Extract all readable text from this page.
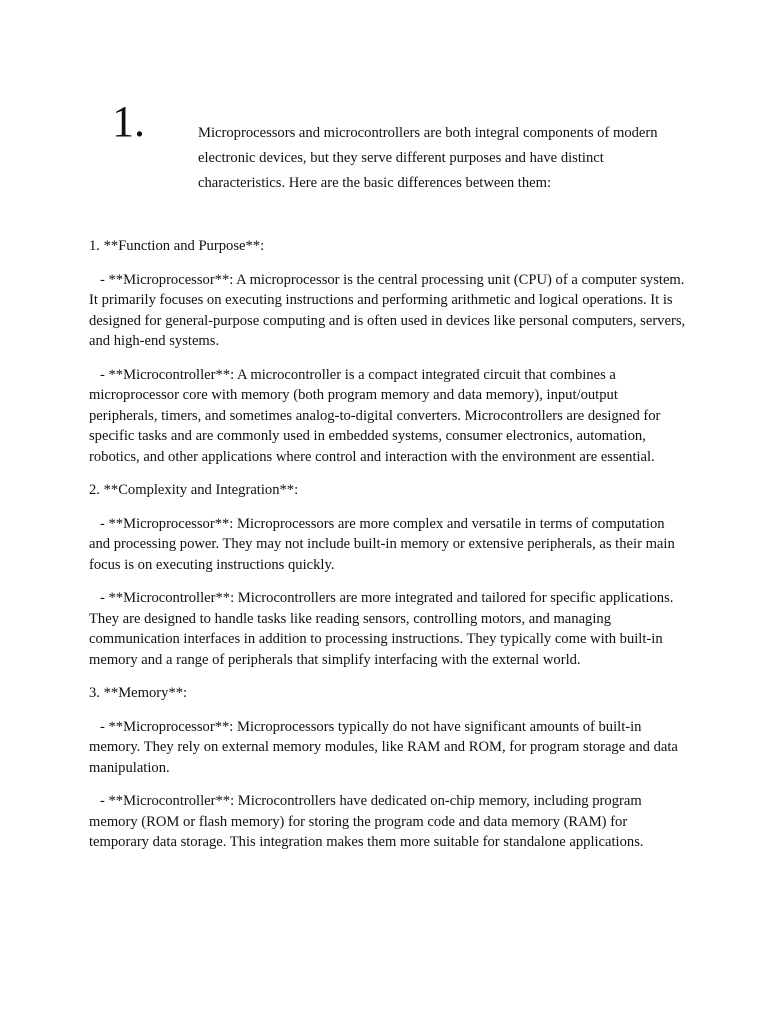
1.	Microprocessors and microcontrollers are both integral components of modern electronic devices, but they serve different purposes and have distinct characteristics. Here are the basic differences between them:

1. **Function and Purpose**:

- **Microprocessor**: A microprocessor is the central processing unit (CPU) of a computer system. It primarily focuses on executing instructions and performing arithmetic and logical operations. It is designed for general-purpose computing and is often used in devices like personal computers, servers, and high-end systems.

- **Microcontroller**: A microcontroller is a compact integrated circuit that combines a microprocessor core with memory (both program memory and data memory), input/output peripherals, timers, and sometimes analog-to-digital converters. Microcontrollers are designed for specific tasks and are commonly used in embedded systems, consumer electronics, automation, robotics, and other applications where control and interaction with the environment are essential.

2. **Complexity and Integration**:

- **Microprocessor**: Microprocessors are more complex and versatile in terms of computation and processing power. They may not include built-in memory or extensive peripherals, as their main focus is on executing instructions quickly.

- **Microcontroller**: Microcontrollers are more integrated and tailored for specific applications. They are designed to handle tasks like reading sensors, controlling motors, and managing communication interfaces in addition to processing instructions. They typically come with built-in memory and a range of peripherals that simplify interfacing with the external world.

3. **Memory**:

- **Microprocessor**: Microprocessors typically do not have significant amounts of built-in memory. They rely on external memory modules, like RAM and ROM, for program storage and data manipulation.

- **Microcontroller**: Microcontrollers have dedicated on-chip memory, including program memory (ROM or flash memory) for storing the program code and data memory (RAM) for temporary data storage. This integration makes them more suitable for standalone applications.
